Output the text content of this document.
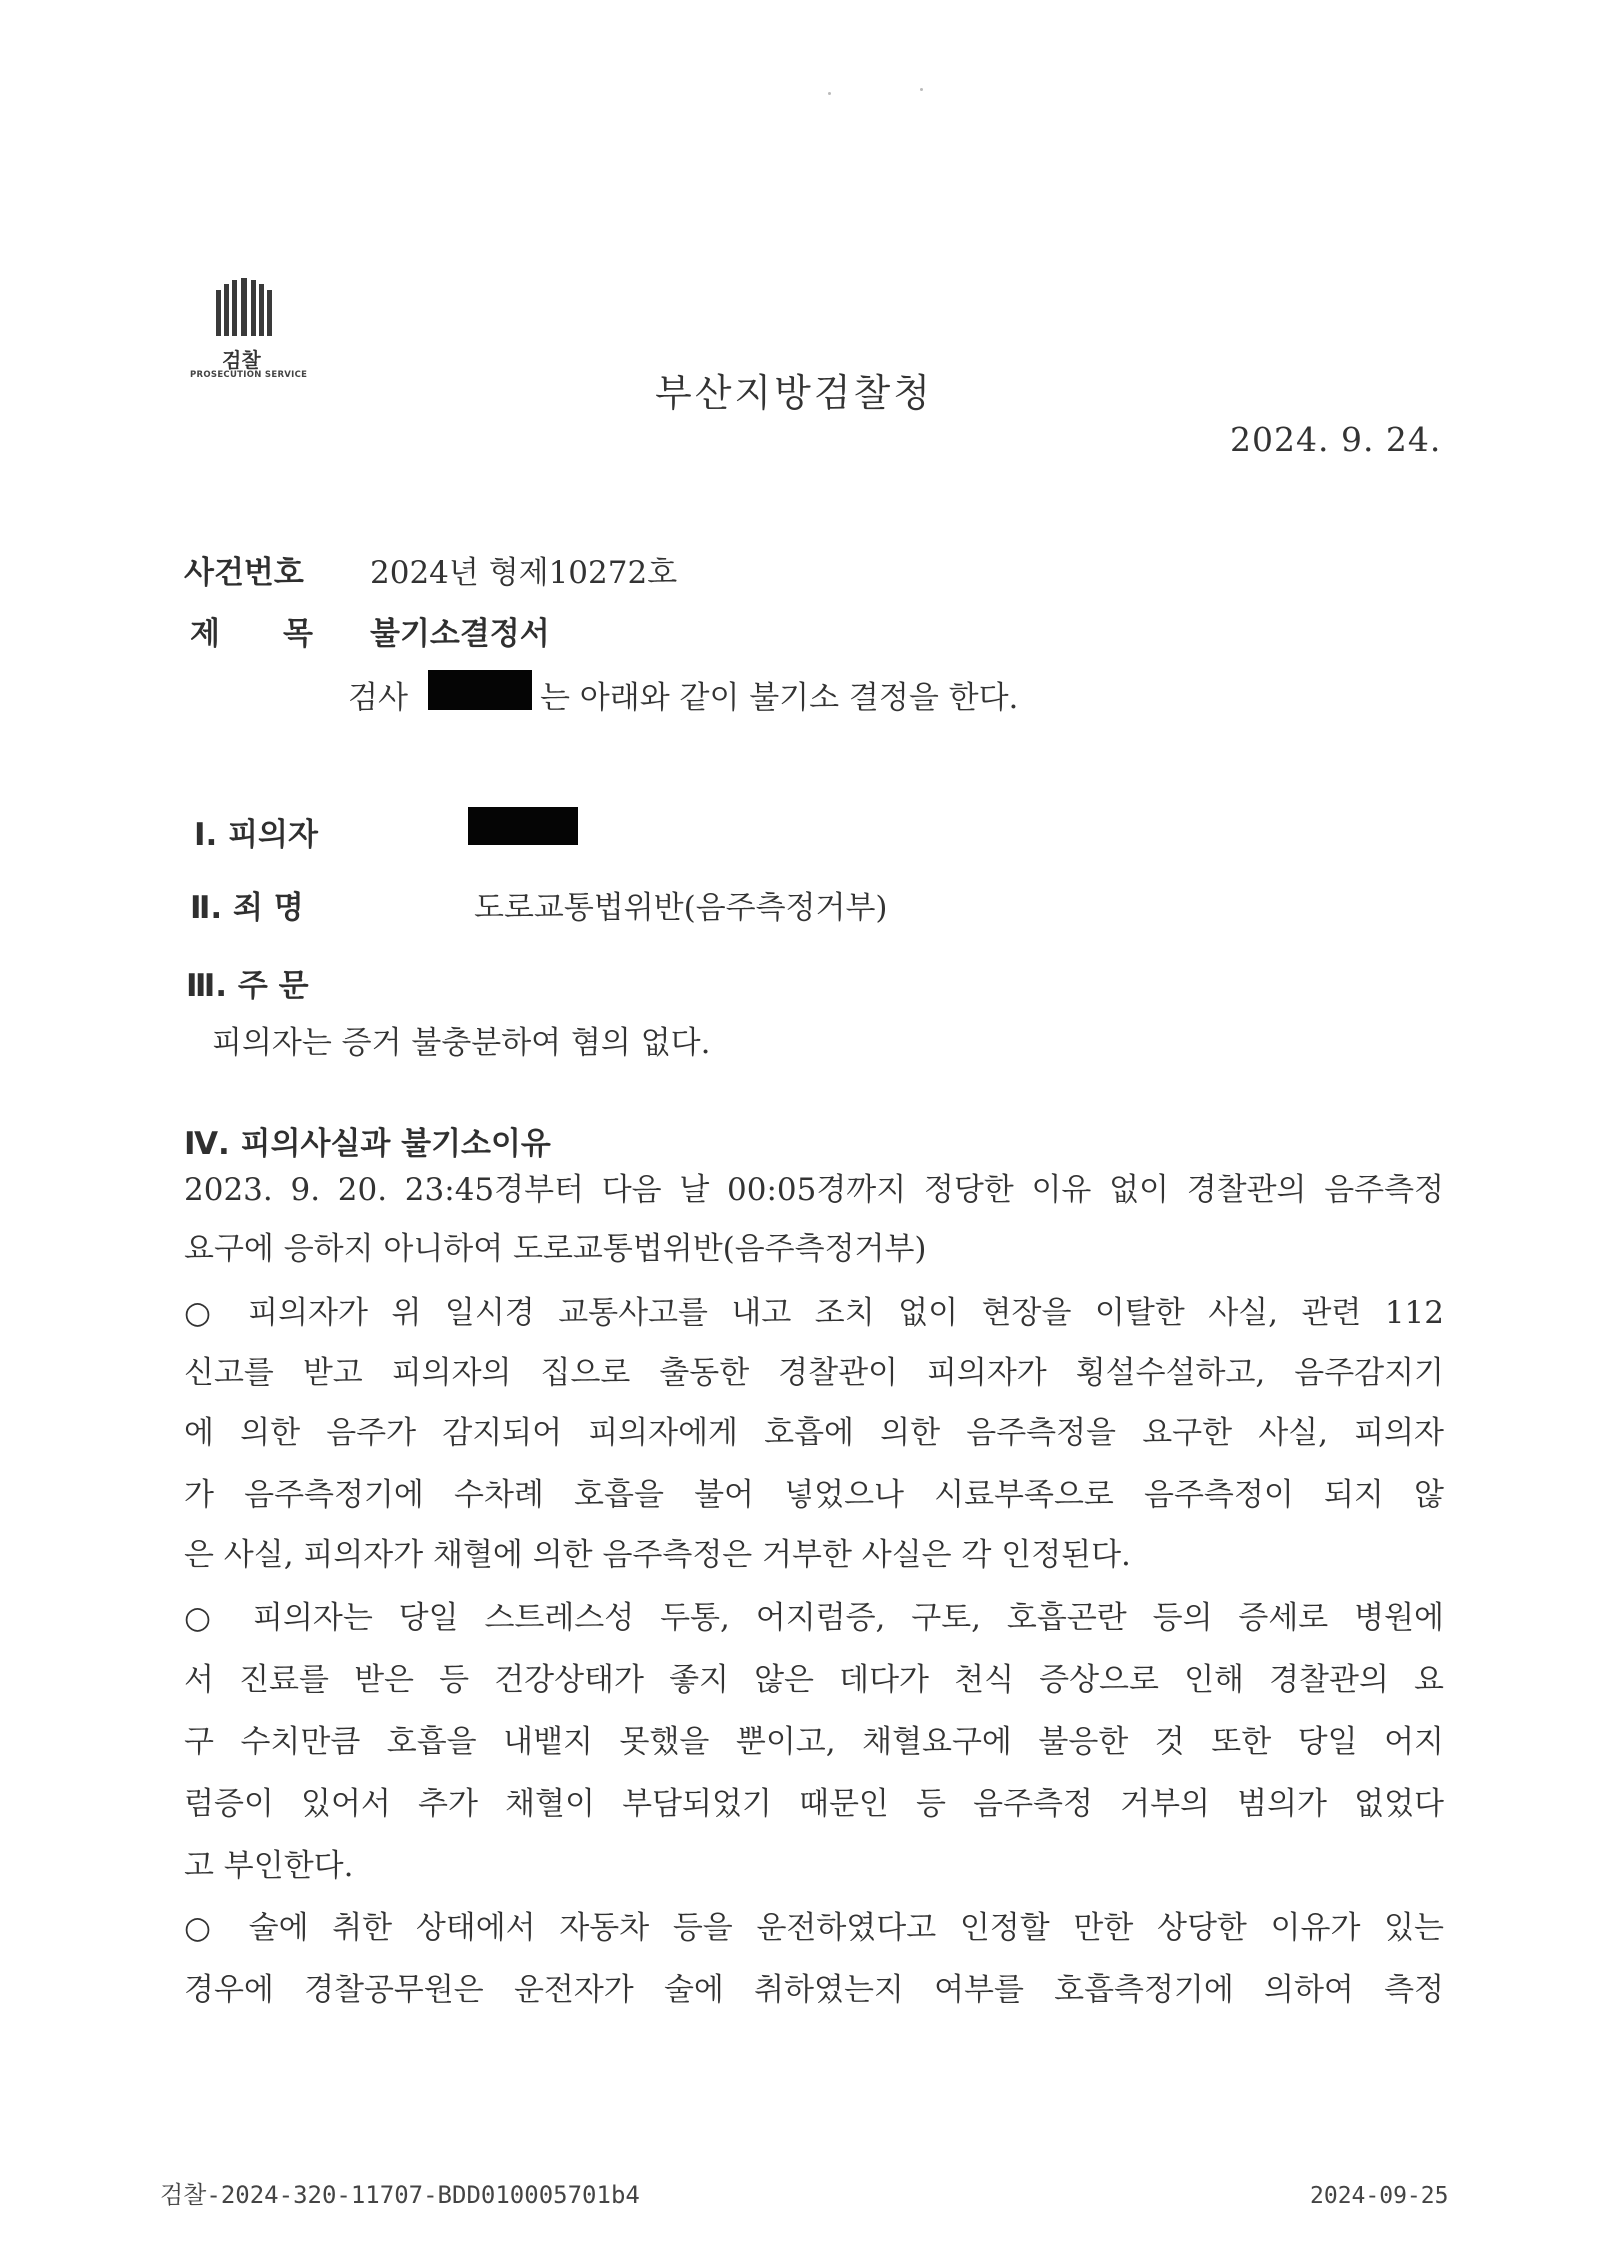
검찰
PROSECUTION SERVICE	부산지방검찰청
2024. 9. 24.
사건번호 2024년 형제10272호
제 목 불기소결정서
검사	는 아래와 같이 불기소 결정을 한다.
Ⅰ. 피의자
Ⅱ. 죄 명	도로교통법위반(음주측정거부)
Ⅲ. 주 문
피의자는 증거 불충분하여 혐의 없다.
Ⅳ. 피의사실과 불기소이유
2023. 9. 20. 23:45경부터 다음 날 00:05경까지 정당한 이유 없이 경찰관의 음주측정
요구에 응하지 아니하여 도로교통법위반(음주측정거부)
○ 피의자가 위 일시경 교통사고를 내고 조치 없이 현장을 이탈한 사실, 관련 112
신고를 받고 피의자의 집으로 출동한 경찰관이 피의자가 횡설수설하고, 음주감지기
에 의한 음주가 감지되어 피의자에게 호흡에 의한 음주측정을 요구한 사실, 피의자
가 음주측정기에 수차례 호흡을 불어 넣었으나 시료부족으로 음주측정이 되지 않
은 사실, 피의자가 채혈에 의한 음주측정은 거부한 사실은 각 인정된다.
○ 피의자는 당일 스트레스성 두통, 어지럼증, 구토, 호흡곤란 등의 증세로 병원에
서 진료를 받은 등 건강상태가 좋지 않은 데다가 천식 증상으로 인해 경찰관의 요
구 수치만큼 호흡을 내뱉지 못했을 뿐이고, 채혈요구에 불응한 것 또한 당일 어지
럼증이 있어서 추가 채혈이 부담되었기 때문인 등 음주측정 거부의 범의가 없었다
고 부인한다.
○ 술에 취한 상태에서 자동차 등을 운전하였다고 인정할 만한 상당한 이유가 있는
경우에 경찰공무원은 운전자가 술에 취하였는지 여부를 호흡측정기에 의하여 측정
검찰-2024-320-11707-BDD010005701b4	2024-09-25
